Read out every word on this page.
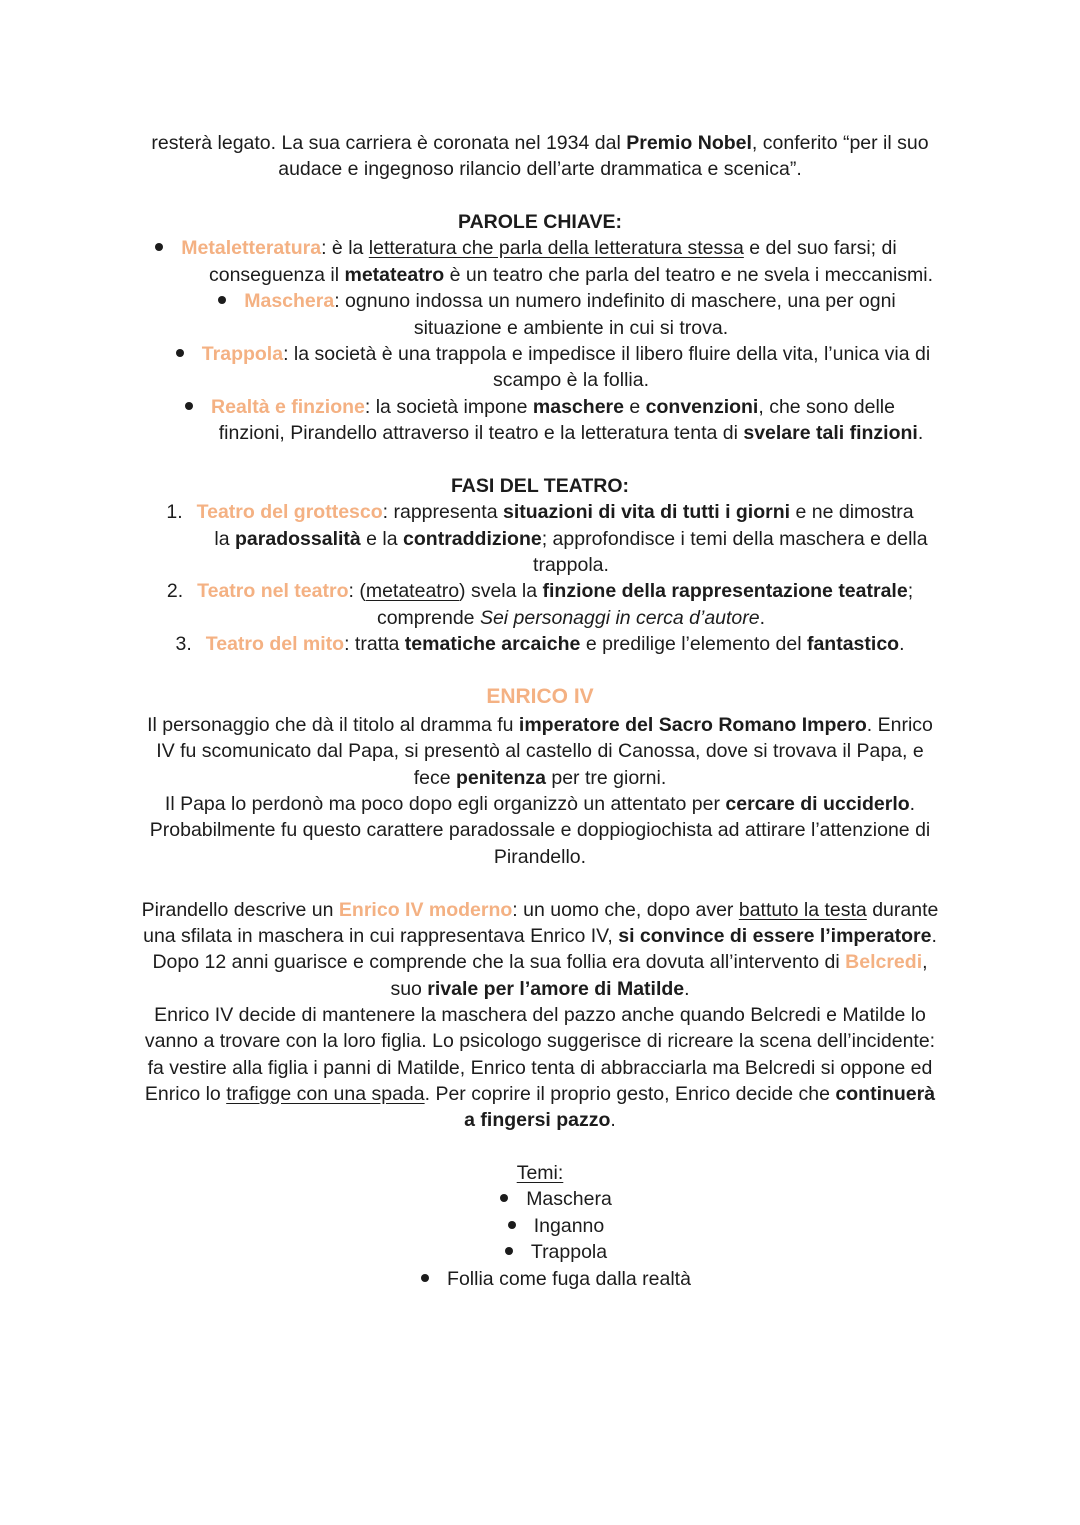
resterà legato. La sua carriera è coronata nel 1934 dal Premio Nobel, conferito “per il suo
audace e ingegnoso rilancio dell’arte drammatica e scenica”.
PAROLE CHIAVE:
Metaletteratura: è la letteratura che parla della letteratura stessa e del suo farsi; di
conseguenza il metateatro è un teatro che parla del teatro e ne svela i meccanismi.
Maschera: ognuno indossa un numero indefinito di maschere, una per ogni
situazione e ambiente in cui si trova.
Trappola: la società è una trappola e impedisce il libero fluire della vita, l’unica via di
scampo è la follia.
Realtà e finzione: la società impone maschere e convenzioni, che sono delle
finzioni, Pirandello attraverso il teatro e la letteratura tenta di svelare tali finzioni.
FASI DEL TEATRO:
1. Teatro del grottesco: rappresenta situazioni di vita di tutti i giorni e ne dimostra
la paradossalità e la contraddizione; approfondisce i temi della maschera e della
trappola.
2. Teatro nel teatro: (metateatro) svela la finzione della rappresentazione teatrale;
comprende Sei personaggi in cerca d’autore.
3. Teatro del mito: tratta tematiche arcaiche e predilige l’elemento del fantastico.
ENRICO IV
Il personaggio che dà il titolo al dramma fu imperatore del Sacro Romano Impero. Enrico
IV fu scomunicato dal Papa, si presentò al castello di Canossa, dove si trovava il Papa, e
fece penitenza per tre giorni.
Il Papa lo perdonò ma poco dopo egli organizzò un attentato per cercare di ucciderlo.
Probabilmente fu questo carattere paradossale e doppiogiochista ad attirare l’attenzione di
Pirandello.
Pirandello descrive un Enrico IV moderno: un uomo che, dopo aver battuto la testa durante
una sfilata in maschera in cui rappresentava Enrico IV, si convince di essere l’imperatore.
Dopo 12 anni guarisce e comprende che la sua follia era dovuta all’intervento di Belcredi,
suo rivale per l’amore di Matilde.
Enrico IV decide di mantenere la maschera del pazzo anche quando Belcredi e Matilde lo
vanno a trovare con la loro figlia. Lo psicologo suggerisce di ricreare la scena dell’incidente:
fa vestire alla figlia i panni di Matilde, Enrico tenta di abbracciarla ma Belcredi si oppone ed
Enrico lo trafigge con una spada. Per coprire il proprio gesto, Enrico decide che continuerà
a fingersi pazzo.
Temi:
Maschera
Inganno
Trappola
Follia come fuga dalla realtà
